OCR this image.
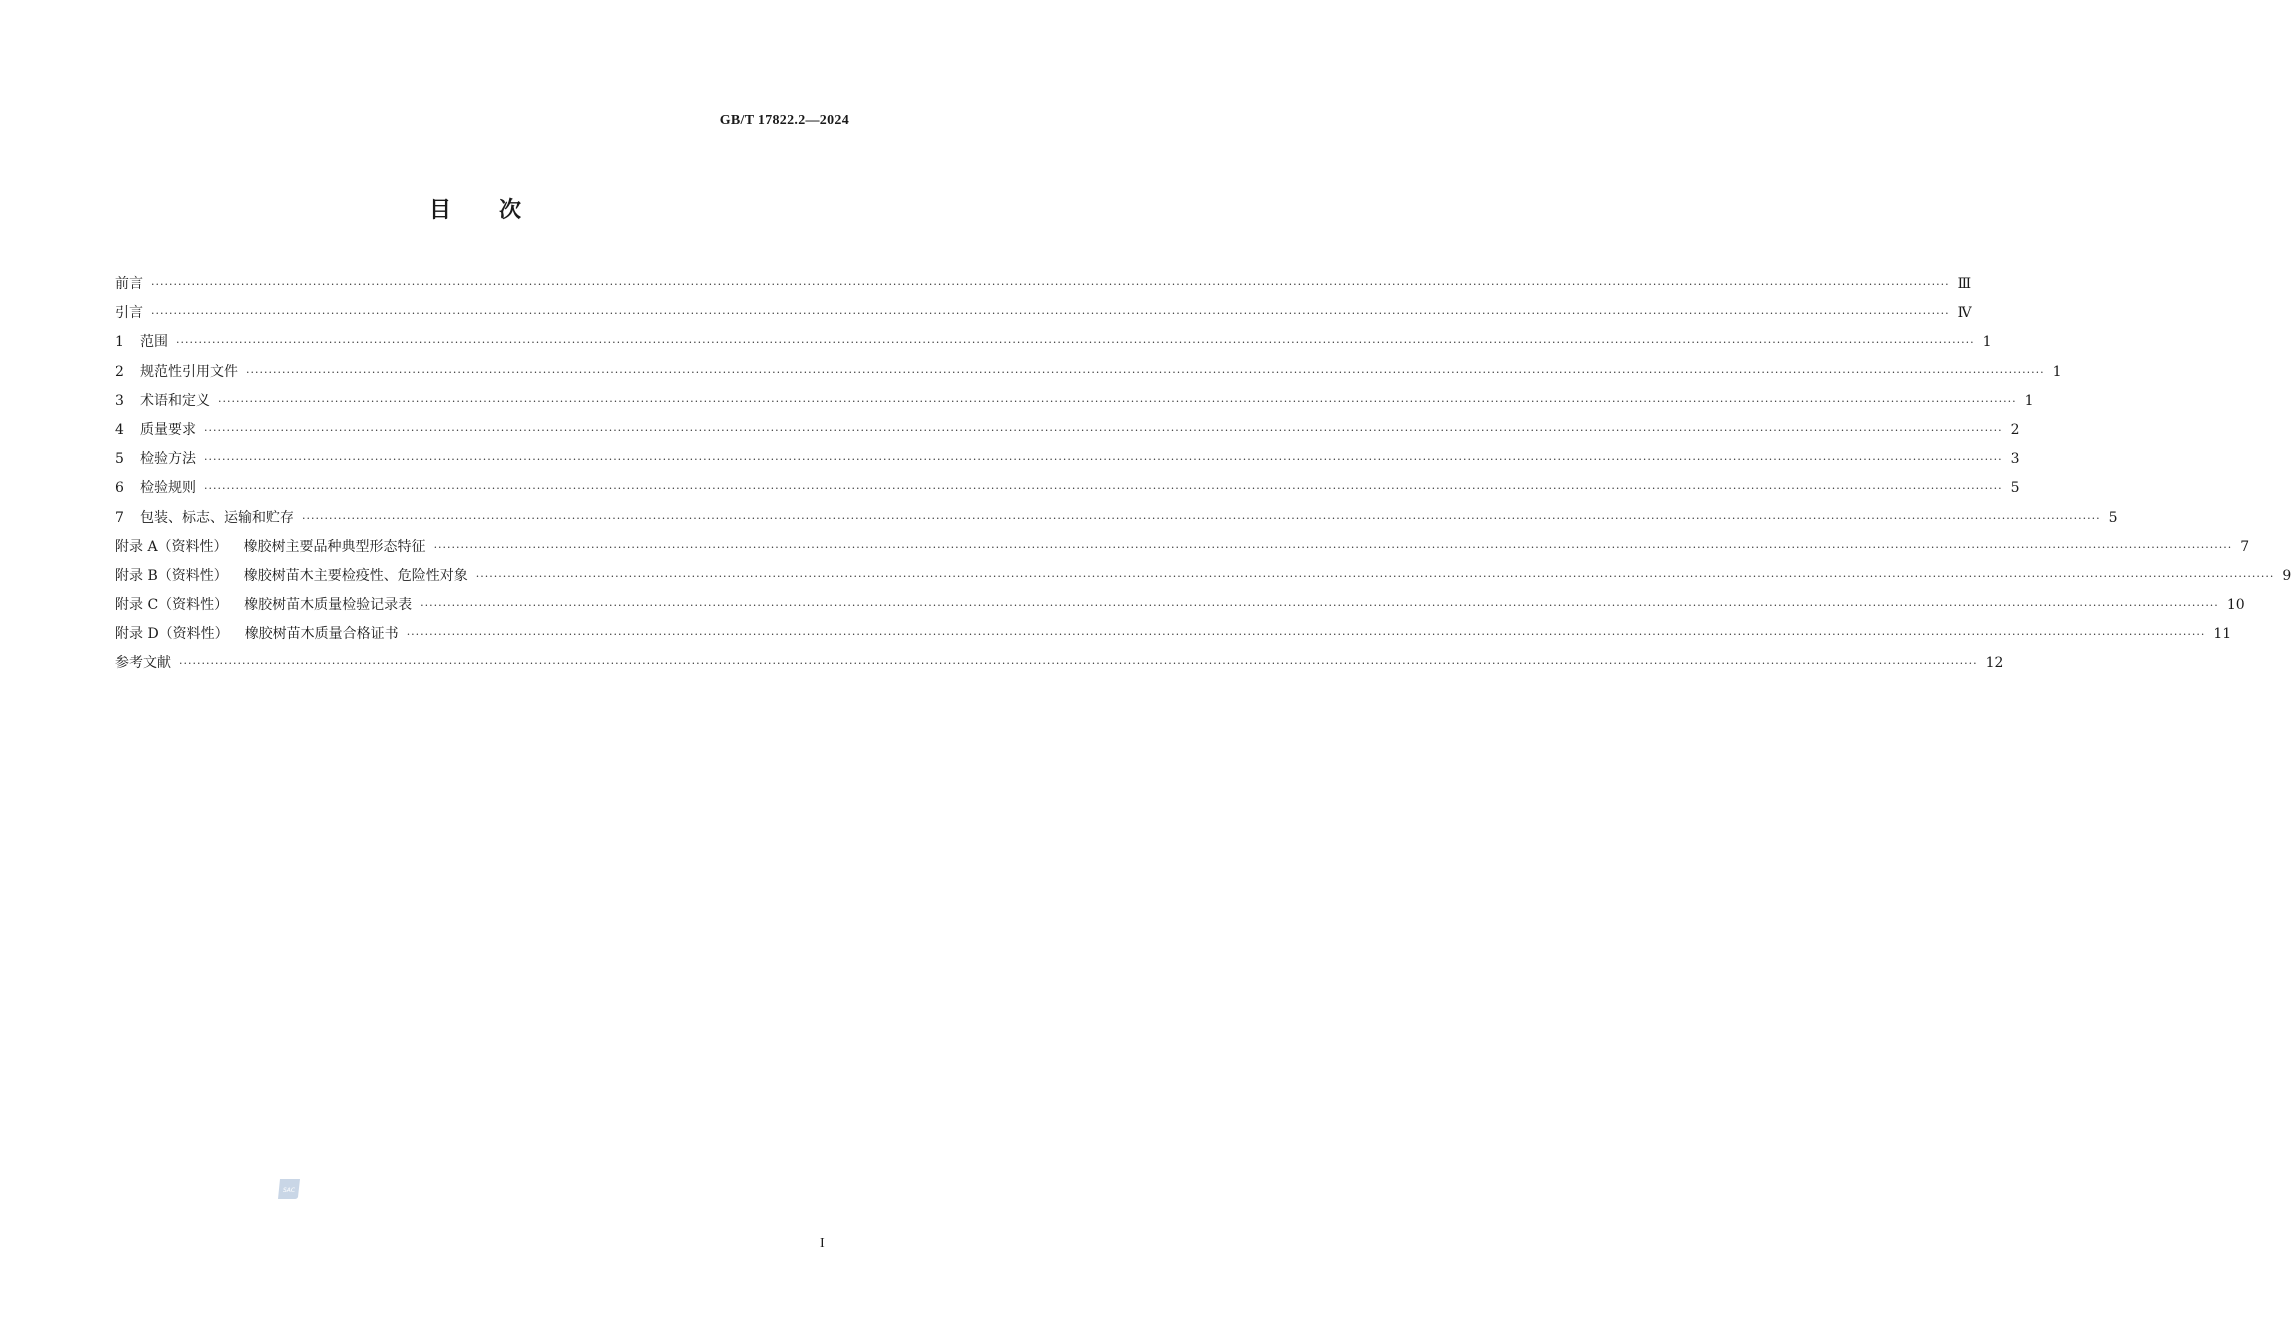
GB/T 17822.2—2024
目次
前言 ················································································································································································································································································································································································································ Ⅲ
引言 ················································································································································································································································································································································································································ Ⅳ
1	范围 ················································································································································································································································································································································································································ 1
2	规范性引用文件 ················································································································································································································································································································································································································ 1
3	术语和定义 ················································································································································································································································································································································································································ 1
4	质量要求 ················································································································································································································································································································································································································ 2
5	检验方法 ················································································································································································································································································································································································································ 3
6	检验规则 ················································································································································································································································································································································································································ 5
7	包装、标志、运输和贮存 ················································································································································································································································································································································································································ 5
附录 A（资料性） 橡胶树主要品种典型形态特征 ················································································································································································································································································································································································································ 7
附录 B（资料性） 橡胶树苗木主要检疫性、危险性对象 ················································································································································································································································································································································································································ 9
附录 C（资料性） 橡胶树苗木质量检验记录表 ················································································································································································································································································································································································································ 10
附录 D（资料性） 橡胶树苗木质量合格证书 ················································································································································································································································································································································································································ 11
参考文献 ················································································································································································································································································································································································································ 12
SAC
I
